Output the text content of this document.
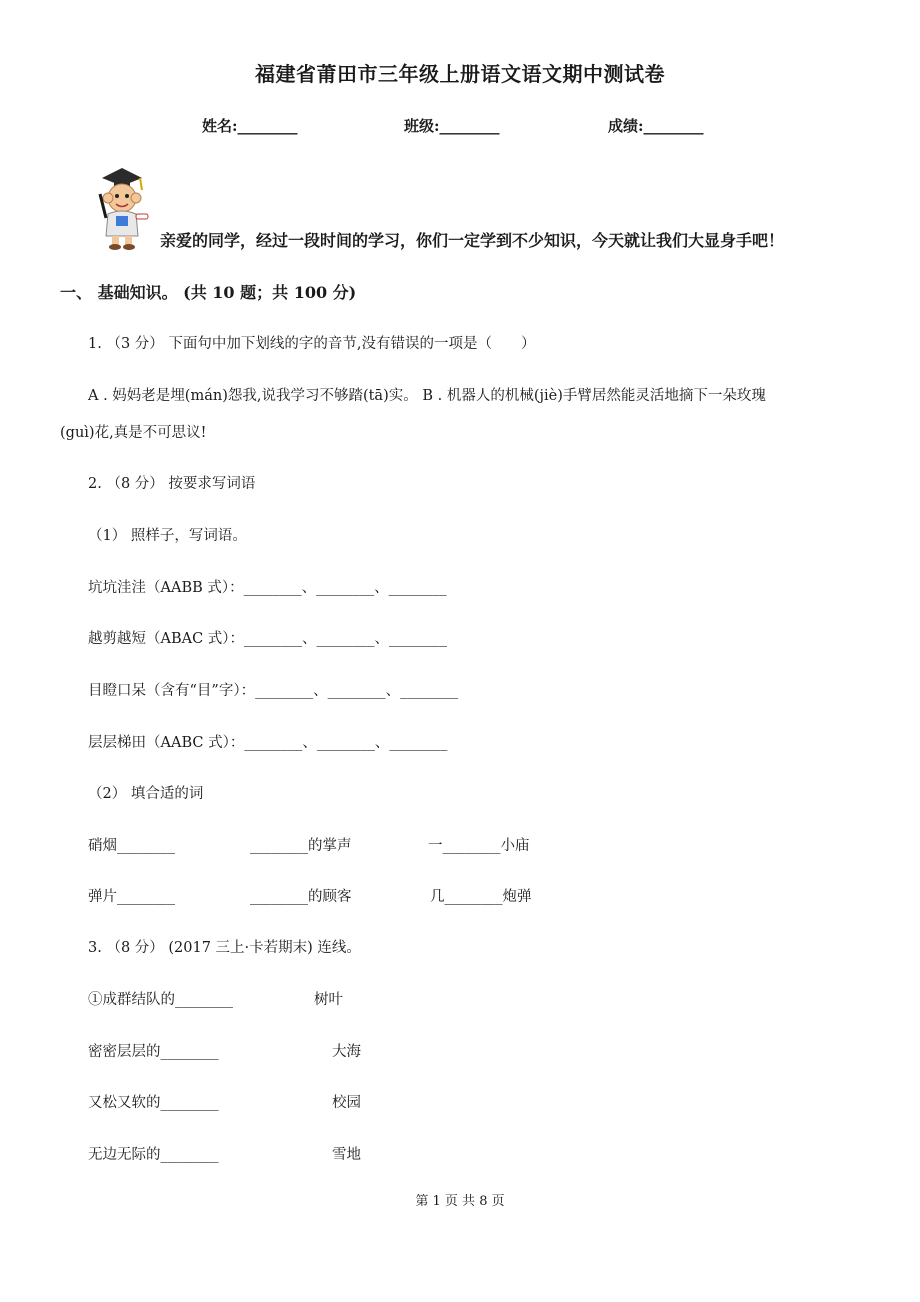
福建省莆田市三年级上册语文语文期中测试卷
姓名:________	班级:________	成绩:________
亲爱的同学，经过一段时间的学习，你们一定学到不少知识，今天就让我们大显身手吧！
一、 基础知识。 (共 10 题；共 100 分)
1. （3 分） 下面句中加下划线的字的音节,没有错误的一项是（　　）
A . 妈妈老是埋(mán)怨我,说我学习不够踏(tā)实。 B . 机器人的机械(jiè)手臂居然能灵活地摘下一朵玫瑰
(guì)花,真是不可思议!
2. （8 分） 按要求写词语
（1） 照样子，写词语。
坑坑洼洼（AABB 式）：________、________、________
越剪越短（ABAC 式）：________、________、________
目瞪口呆（含有“目”字）：________、________、________
层层梯田（AABC 式）：________、________、________
（2） 填合适的词
硝烟________	________的掌声	一________小庙
弹片________	________的顾客	几________炮弹
3. （8 分） (2017 三上·卡若期末) 连线。
①成群结队的________	树叶
密密层层的________	大海
又松又软的________	校园
无边无际的________	雪地
第 1 页 共 8 页
